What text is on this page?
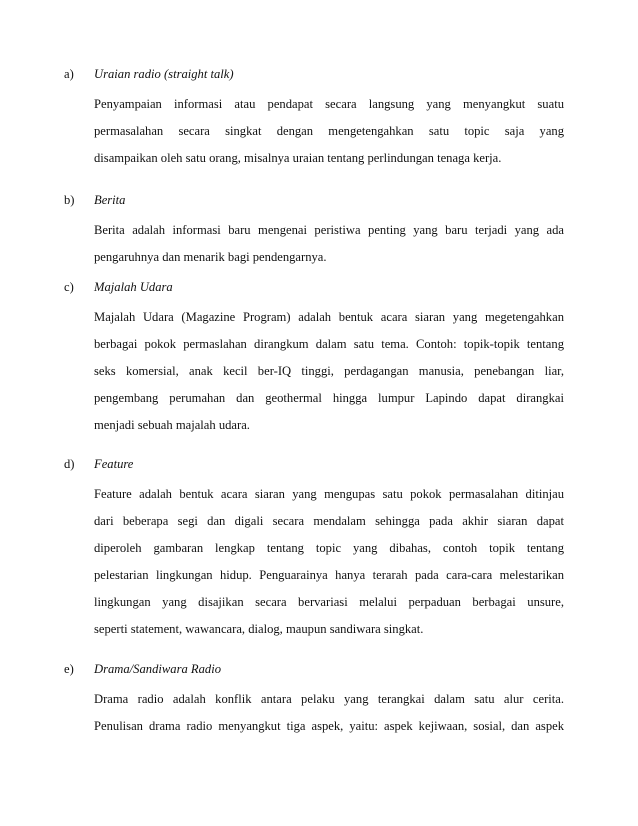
a) Uraian radio (straight talk)
Penyampaian informasi atau pendapat secara langsung yang menyangkut suatu
permasalahan secara singkat dengan mengetengahkan satu topic saja yang
disampaikan oleh satu orang, misalnya uraian tentang perlindungan tenaga kerja.
b) Berita
Berita adalah informasi baru mengenai peristiwa penting yang baru terjadi yang ada
pengaruhnya dan menarik bagi pendengarnya.
c) Majalah Udara
Majalah Udara (Magazine Program) adalah bentuk acara siaran yang megetengahkan
berbagai pokok permaslahan dirangkum dalam satu tema. Contoh: topik-topik tentang
seks komersial, anak kecil ber-IQ tinggi, perdagangan manusia, penebangan liar,
pengembang perumahan dan geothermal hingga lumpur Lapindo dapat dirangkai
menjadi sebuah majalah udara.
d) Feature
Feature adalah bentuk acara siaran yang mengupas satu pokok permasalahan ditinjau
dari beberapa segi dan digali secara mendalam sehingga pada akhir siaran dapat
diperoleh gambaran lengkap tentang topic yang dibahas, contoh topik tentang
pelestarian lingkungan hidup. Penguarainya hanya terarah pada cara-cara melestarikan
lingkungan yang disajikan secara bervariasi melalui perpaduan berbagai unsure,
seperti statement, wawancara, dialog, maupun sandiwara singkat.
e) Drama/Sandiwara Radio
Drama radio adalah konflik antara pelaku yang terangkai dalam satu alur cerita.
Penulisan drama radio menyangkut tiga aspek, yaitu: aspek kejiwaan, sosial, dan aspek
